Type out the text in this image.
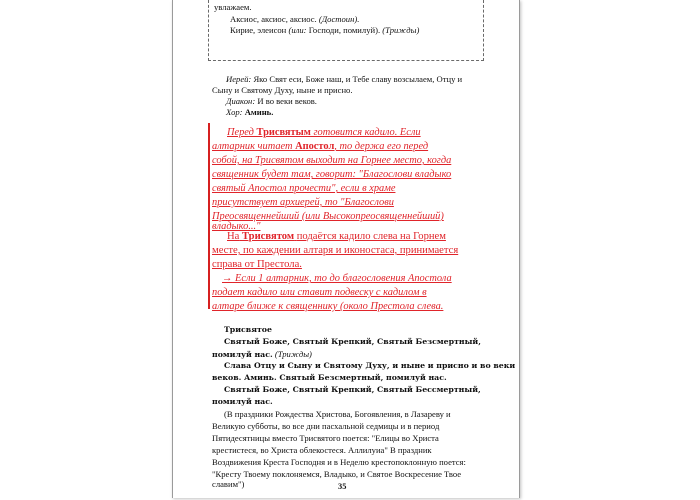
увлажаем.
Аксиос, аксиос, аксиос. (Достоин).
Кирие, элеисон (или: Господи, помилуй). (Трижды)
Иерей: Яко Свят еси, Боже наш, и Тебе славу возсылаем, Отцу и
Сыну и Святому Духу, ныне и присно.
Диакон: И во веки веков.
Хор: Аминь.
Перед Трисвятым готовится кадило. Если
алтарник читает Апостол, то держа его перед
собой, на Трисвятом выходит на Горнее место, когда
священник будет там, говорит: "Благослови владыко
святый Апостол прочести", если в храме
присутствует архиерей, то "Благослови
Преосвященнейший (или Высокопреосвященнейший)
владыко..."
На Трисвятом подаётся кадило слева на Горнем
месте, по каждении алтаря и иконостаса, принимается
справа от Престола.
→ Если 1 алтарник, то до благословения Апостола
подает кадило или ставит подвеску с кадилом в
алтаре ближе к священнику (около Престола слева.
Трисвятое
Святый Боже, Святый Крепкий, Святый Безсмертный,
помилуй нас. (Трижды)
Слава Отцу и Сыну и Святому Духу, и ныне и присно и во веки
веков. Аминь. Святый Безсмертный, помилуй нас.
Святый Боже, Святый Крепкий, Святый Бессмертный,
помилуй нас.
(В праздники Рождества Христова, Богоявления, в Лазареву и
Великую субботы, во все дни пасхальной седмицы и в период
Пятидесятницы вместо Трисвятого поется: "Елицы во Христа
крестистеся, во Христа облекостеся. Аллилуиа" В праздник
Воздвижения Креста Господня и в Неделю крестопоклонную поется:
"Кресту Твоему поклоняемся, Владыко, и Святое Воскресение Твое
славим")	35
